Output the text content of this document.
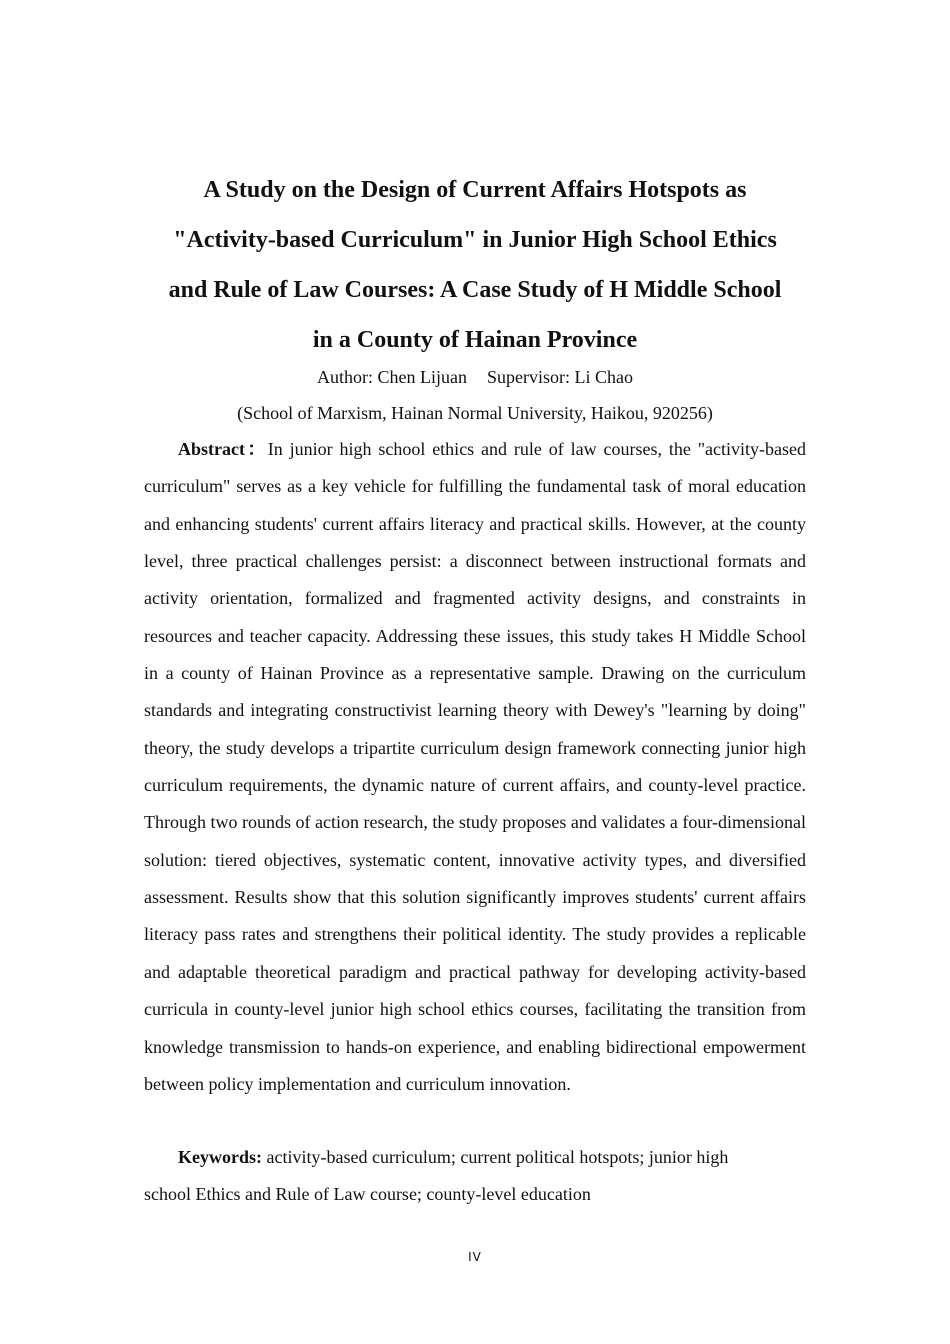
A Study on the Design of Current Affairs Hotspots as
"Activity-based Curriculum" in Junior High School Ethics
and Rule of Law Courses: A Case Study of H Middle School
in a County of Hainan Province
Author: Chen Lijuan Supervisor: Li Chao
(School of Marxism, Hainan Normal University, Haikou, 920256)

Abstract：In junior high school ethics and rule of law courses, the "activity-based curriculum" serves as a key vehicle for fulfilling the fundamental task of moral education and enhancing students' current affairs literacy and practical skills. However, at the county level, three practical challenges persist: a disconnect between instructional formats and activity orientation, formalized and fragmented activity designs, and constraints in resources and teacher capacity. Addressing these issues, this study takes H Middle School in a county of Hainan Province as a representative sample. Drawing on the curriculum standards and integrating constructivist learning theory with Dewey's "learning by doing" theory, the study develops a tripartite curriculum design framework connecting junior high curriculum requirements, the dynamic nature of current affairs, and county-level practice. Through two rounds of action research, the study proposes and validates a four-dimensional solution: tiered objectives, systematic content, innovative activity types, and diversified assessment. Results show that this solution significantly improves students' current affairs literacy pass rates and strengthens their political identity. The study provides a replicable and adaptable theoretical paradigm and practical pathway for developing activity-based curricula in county-level junior high school ethics courses, facilitating the transition from knowledge transmission to hands-on experience, and enabling bidirectional empowerment between policy implementation and curriculum innovation.

Keywords: activity-based curriculum; current political hotspots; junior high
school Ethics and Rule of Law course; county-level education

IV
